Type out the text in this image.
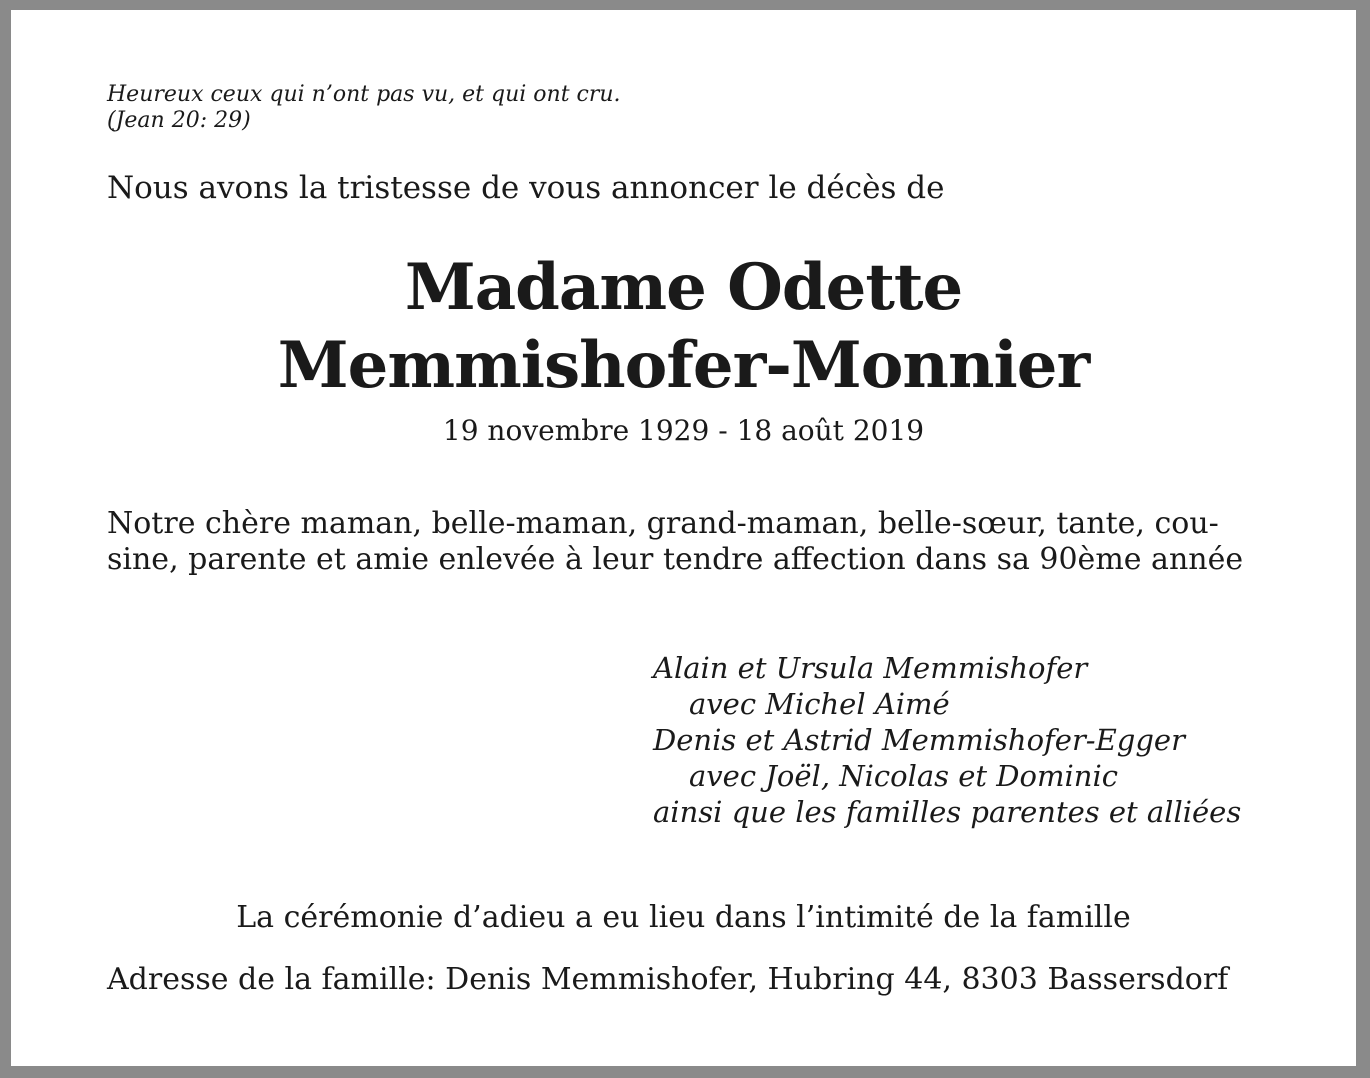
Heureux ceux qui n’ont pas vu, et qui ont cru.

(Jean 20: 29)

Nous avons la tristesse de vous annoncer le décès de

Madame Odette

Memmishofer-Monnier

19 novembre 1929 - 18 août 2019

Notre chère maman, belle-maman, grand-maman, belle-sœur, tante, cou-

sine, parente et amie enlevée à leur tendre affection dans sa 90ème année

Alain et Ursula Memmishofer

avec Michel Aimé

Denis et Astrid Memmishofer-Egger

avec Joël, Nicolas et Dominic

ainsi que les familles parentes et alliées

La cérémonie d’adieu a eu lieu dans l’intimité de la famille

Adresse de la famille: Denis Memmishofer, Hubring 44, 8303 Bassersdorf
